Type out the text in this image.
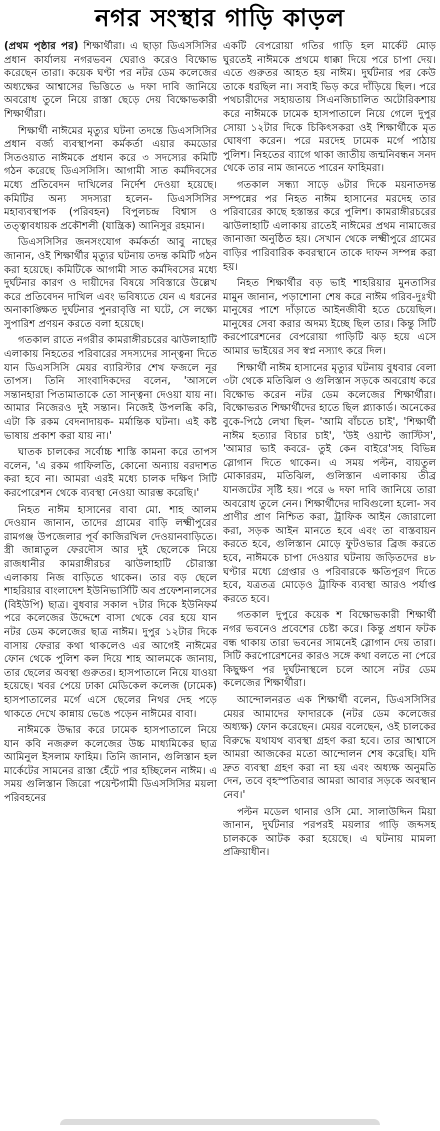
নগর সংস্থার গাড়ি কাড়ল

(প্রথম পৃষ্ঠার পর) শিক্ষার্থীরা। এ ছাড়া ডিএসসিসির প্রধান কার্যালয় নগরভবন ঘেরাও করেও বিক্ষোভ করেছেন তারা। কয়েক ঘণ্টা পর নটর ডেম কলেজের অধ্যক্ষের আশ্বাসের ভিত্তিতে ৬ দফা দাবি জানিয়ে অবরোধ তুলে নিয়ে রাস্তা ছেড়ে দেয় বিক্ষোভকারী শিক্ষার্থীরা।

শিক্ষার্থী নাঈমের মৃত্যুর ঘটনা তদন্তে ডিএসসিসির প্রধান বর্জ্য ব্যবস্থাপনা কর্মকর্তা এয়ার কমডোর সিতওয়াত নাঈমকে প্রধান করে ৩ সদস্যের কমিটি গঠন করেছে ডিএসসিসি। আগামী সাত কর্মদিবসের মধ্যে প্রতিবেদন দাখিলের নির্দেশ দেওয়া হয়েছে। কমিটির অন্য সদস্যরা হলেন- ডিএসসিসির মহাব্যবস্থাপক (পরিবহন) বিপুলচন্দ্র বিশ্বাস ও তত্ত্বাবধায়ক প্রকৌশলী (যান্ত্রিক) আনিসুর রহমান।

ডিএসসিসির জনসংযোগ কর্মকর্তা আবু নাছের জানান, ওই শিক্ষার্থীর মৃত্যুর ঘটনায় তদন্ত কমিটি গঠন করা হয়েছে। কমিটিকে আগামী সাত কর্মদিবসের মধ্যে দুর্ঘটনার কারণ ও দায়ীদের বিষয়ে সবিস্তারে উল্লেখ করে প্রতিবেদন দাখিল এবং ভবিষ্যতে যেন এ ধরনের অনাকাঙ্ক্ষিত দুর্ঘটনার পুনরাবৃত্তি না ঘটে, সে লক্ষ্যে সুপারিশ প্রণয়ন করতে বলা হয়েছে।

গতকাল রাতে নগরীর কামরাঙ্গীরচরের ঝাউলাহাটি এলাকায় নিহতের পরিবারের সদস্যদের সান্ত্বনা দিতে যান ডিএসসিসি মেয়র ব্যারিস্টার শেখ ফজলে নূর তাপস। তিনি সাংবাদিকদের বলেন, 'আসলে সন্তানহারা পিতামাতাকে তো সান্ত্বনা দেওয়া যায় না। আমার নিজেরও দুই সন্তান। নিজেই উপলব্ধি করি, এটা কি রকম বেদনাদায়ক- মর্মান্তিক ঘটনা। এই কষ্ট ভাষায় প্রকাশ করা যায় না।'

ঘাতক চালকের সর্বোচ্চ শাস্তি কামনা করে তাপস বলেন, 'এ রকম গাফিলতি, কোনো অন্যায় বরদাশত করা হবে না। আমরা এরই মধ্যে চালক দক্ষিণ সিটি করপোরেশন থেকে ব্যবস্থা নেওয়া আরম্ভ করেছি।'

নিহত নাঈম হাসানের বাবা মো. শাহ আলম দেওয়ান জানান, তাদের গ্রামের বাড়ি লক্ষ্মীপুরের রামগঞ্জ উপজেলার পূর্ব কাজিরখিল দেওয়ানবাড়িতে। স্ত্রী জান্নাতুল ফেরদৌস আর দুই ছেলেকে নিয়ে রাজধানীর কামরাঙ্গীরচর ঝাউলাহাটি চৌরাস্তা এলাকায় নিজ বাড়িতে থাকেন। তার বড় ছেলে শাহরিয়ার বাংলাদেশ ইউনিভার্সিটি অব প্রফেশনালসের (বিইউপি) ছাত্র। বুধবার সকাল ৭টার দিকে ইউনিফর্ম পরে কলেজের উদ্দেশে বাসা থেকে বের হয়ে যান নটর ডেম কলেজের ছাত্র নাঈম। দুপুর ১২টার দিকে বাসায় ফেরার কথা থাকলেও এর আগেই নাঈমের ফোন থেকে পুলিশ কল দিয়ে শাহ আলমকে জানায়, তার ছেলের অবস্থা গুরুতর। হাসপাতালে নিয়ে যাওয়া হয়েছে। খবর পেয়ে ঢাকা মেডিকেল কলেজ (ঢামেক) হাসপাতালের মর্গে এসে ছেলের নিথর দেহ পড়ে থাকতে দেখে কান্নায় ভেঙে পড়েন নাঈমের বাবা।

নাঈমকে উদ্ধার করে ঢামেক হাসপাতালে নিয়ে যান কবি নজরুল কলেজের উচ্চ মাধ্যমিকের ছাত্র আমিনুল ইসলাম ফাহিম। তিনি জানান, গুলিস্তান হল মার্কেটের সামনের রাস্তা হেঁটে পার হচ্ছিলেন নাঈম। এ সময় গুলিস্তান জিরো পয়েন্টগামী ডিএসসিসির ময়লা পরিবহনের

একটি বেপরোয়া গতির গাড়ি হল মার্কেট মোড় ঘুরতেই নাঈমকে প্রথমে ধাক্কা দিয়ে পরে চাপা দেয়। এতে গুরুতর আহত হয় নাঈম। দুর্ঘটনার পর কেউ তাকে ধরছিল না। সবাই ভিড় করে দাঁড়িয়ে ছিল। পরে পথচারীদের সহায়তায় সিএনজিচালিত অটোরিকশায় করে নাঈমকে ঢামেক হাসপাতালে নিয়ে গেলে দুপুর সোয়া ১২টার দিকে চিকিৎসকরা ওই শিক্ষার্থীকে মৃত ঘোষণা করেন। পরে মরদেহ ঢামেক মর্গে পাঠায় পুলিশ। নিহতের ব্যাগে থাকা জাতীয় জন্মনিবন্ধন সনদ থেকে তার নাম জানতে পারেন ফাহিমরা।

গতকাল সন্ধ্যা সাড়ে ৬টার দিকে ময়নাতদন্ত সম্পন্নের পর নিহত নাঈম হাসানের মরদেহ তার পরিবারের কাছে হস্তান্তর করে পুলিশ। কামরাঙ্গীরচরের ঝাউলাহাটি এলাকায় রাতেই নাঈমের প্রথম নামাজের জানাজা অনুষ্ঠিত হয়। সেখান থেকে লক্ষ্মীপুরে গ্রামের বাড়ির পারিবারিক কবরস্থানে তাকে দাফন সম্পন্ন করা হয়।

নিহত শিক্ষার্থীর বড় ভাই শাহরিয়ার মুনতাসির মামুন জানান, পড়াশোনা শেষ করে নাঈম গরিব-দুঃখী মানুষের পাশে দাঁড়াতে আইনজীবী হতে চেয়েছিল। মানুষের সেবা করার অদম্য ইচ্ছে ছিল তার। কিন্তু সিটি করপোরেশনের বেপরোয়া গাড়িটি ঝড় হয়ে এসে আমার ভাইয়ের সব স্বপ্ন নস্যাৎ করে দিল।

শিক্ষার্থী নাঈম হাসানের মৃত্যুর ঘটনায় বুধবার বেলা ৩টা থেকে মতিঝিল ও গুলিস্তান সড়কে অবরোধ করে বিক্ষোভ করেন নটর ডেম কলেজের শিক্ষার্থীরা। বিক্ষোভরত শিক্ষার্থীদের হাতে ছিল প্ল্যাকার্ড। অনেকের বুকে-পিঠে লেখা ছিল- 'আমি বাঁচতে চাই', 'শিক্ষার্থী নাঈম হত্যার বিচার চাই', 'উই ওয়ান্ট জাস্টিস', 'আমার ভাই কবরে- তুই কেন বাইরে'সহ বিভিন্ন স্লোগান দিতে থাকেন। এ সময় পল্টন, বায়তুল মোকাররম, মতিঝিল, গুলিস্তান এলাকায় তীব্র যানজটের সৃষ্টি হয়। পরে ৬ দফা দাবি জানিয়ে তারা অবরোধ তুলে নেন। শিক্ষার্থীদের দাবিগুলো হলো- সব প্রাণীর প্রাণ নিশ্চিত করা, ট্রাফিক আইন জোরালো করা, সড়ক আইন মানতে হবে এবং তা বাস্তবায়ন করতে হবে, গুলিস্তান মোড়ে ফুটওভার ব্রিজ করতে হবে, নাঈমকে চাপা দেওয়ার ঘটনায় জড়িতদের ৪৮ ঘণ্টার মধ্যে গ্রেপ্তার ও পরিবারকে ক্ষতিপূরণ দিতে হবে, যত্রতত্র মোড়েও ট্রাফিক ব্যবস্থা আরও পর্যাপ্ত করতে হবে।

গতকাল দুপুরে কয়েক শ বিক্ষোভকারী শিক্ষার্থী নগর ভবনেও প্রবেশের চেষ্টা করে। কিন্তু প্রধান ফটক বন্ধ থাকায় তারা ভবনের সামনেই স্লোগান দেয় তারা। সিটি করপোরেশনের কারও সঙ্গে কথা বলতে না পেরে কিছুক্ষণ পর দুর্ঘটনাস্থলে চলে আসে নটর ডেম কলেজের শিক্ষার্থীরা।

আন্দোলনরত এক শিক্ষার্থী বলেন, ডিএসসিসির মেয়র আমাদের ফাদারকে (নটর ডেম কলেজের অধ্যক্ষ) ফোন করেছেন। মেয়র বলেছেন, ওই চালকের বিরুদ্ধে যথাযথ ব্যবস্থা গ্রহণ করা হবে। তার আশ্বাসে আমরা আজকের মতো আন্দোলন শেষ করেছি। যদি দ্রুত ব্যবস্থা গ্রহণ করা না হয় এবং অধ্যক্ষ অনুমতি দেন, তবে বৃহস্পতিবার আমরা আবার সড়কে অবস্থান নেব।'

পল্টন মডেল থানার ওসি মো. সালাউদ্দিন মিয়া জানান, দুর্ঘটনার পরপরই ময়লার গাড়ি জব্দসহ চালককে আটক করা হয়েছে। এ ঘটনায় মামলা প্রক্রিয়াধীন।
